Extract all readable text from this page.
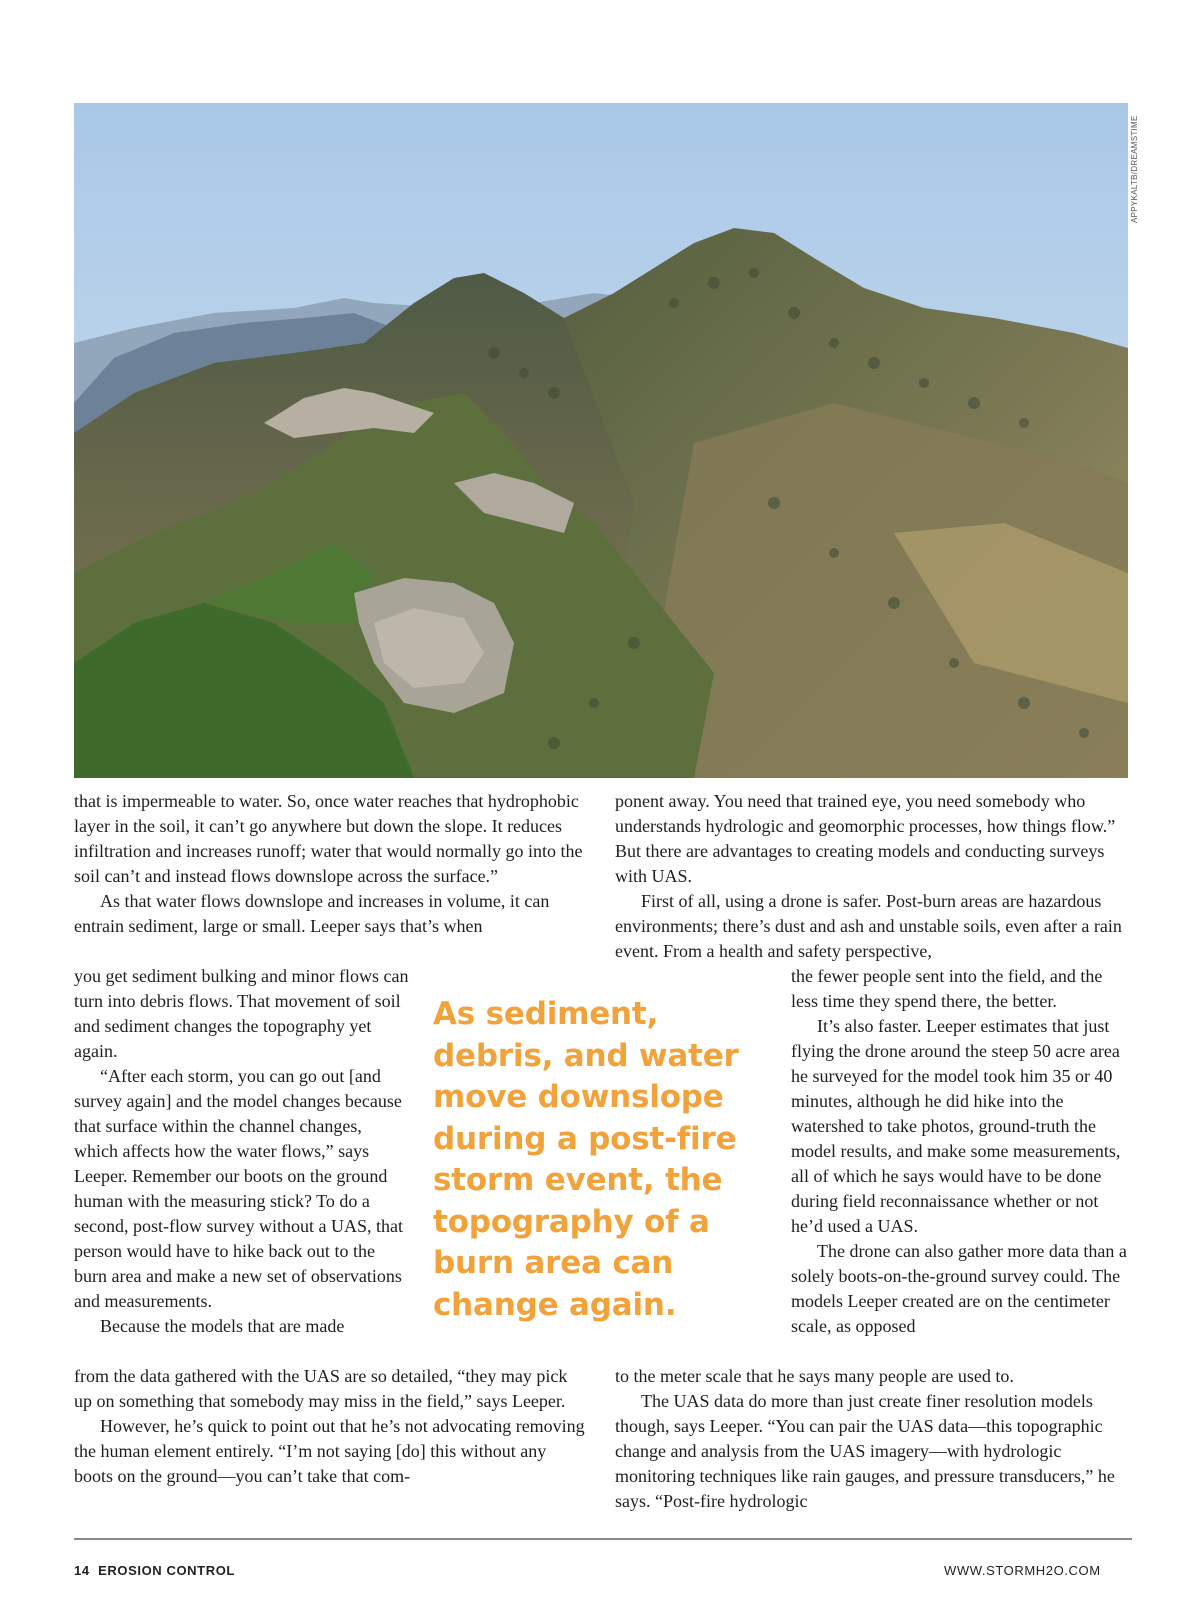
APPYKALTB/DREAMSTIME

that is impermeable to water. So, once water reaches that hydrophobic layer in the soil, it can’t go anywhere but down the slope. It reduces infiltration and increases runoff; water that would normally go into the soil can’t and instead flows downslope across the surface.”

As that water flows downslope and increases in volume, it can entrain sediment, large or small. Leeper says that’s when

you get sediment bulking and minor flows can turn into debris flows. That movement of soil and sediment changes the topography yet again.

“After each storm, you can go out [and survey again] and the model changes because that surface within the channel changes, which affects how the water flows,” says Leeper. Remember our boots on the ground human with the measuring stick? To do a second, post-flow survey without a UAS, that person would have to hike back out to the burn area and make a new set of observations and measurements.

Because the models that are made

from the data gathered with the UAS are so detailed, “they may pick up on something that somebody may miss in the field,” says Leeper.

However, he’s quick to point out that he’s not advocating removing the human element entirely. “I’m not saying [do] this without any boots on the ground—you can’t take that com-

As sediment, debris, and water move downslope during a post-fire storm event, the topography of a burn area can change again.

ponent away. You need that trained eye, you need somebody who understands hydrologic and geomorphic processes, how things flow.” But there are advantages to creating models and conducting surveys with UAS.

First of all, using a drone is safer. Post-burn areas are hazardous environments; there’s dust and ash and unstable soils, even after a rain event. From a health and safety perspective,

the fewer people sent into the field, and the less time they spend there, the better.

It’s also faster. Leeper estimates that just flying the drone around the steep 50 acre area he surveyed for the model took him 35 or 40 minutes, although he did hike into the watershed to take photos, ground-truth the model results, and make some measurements, all of which he says would have to be done during field reconnaissance whether or not he’d used a UAS.

The drone can also gather more data than a solely boots-on-the-ground survey could. The models Leeper created are on the centimeter scale, as opposed

to the meter scale that he says many people are used to.

The UAS data do more than just create finer resolution models though, says Leeper. “You can pair the UAS data—this topographic change and analysis from the UAS imagery—with hydrologic monitoring techniques like rain gauges, and pressure transducers,” he says. “Post-fire hydrologic

14 EROSION CONTROL	WWW.STORMH2O.COM
